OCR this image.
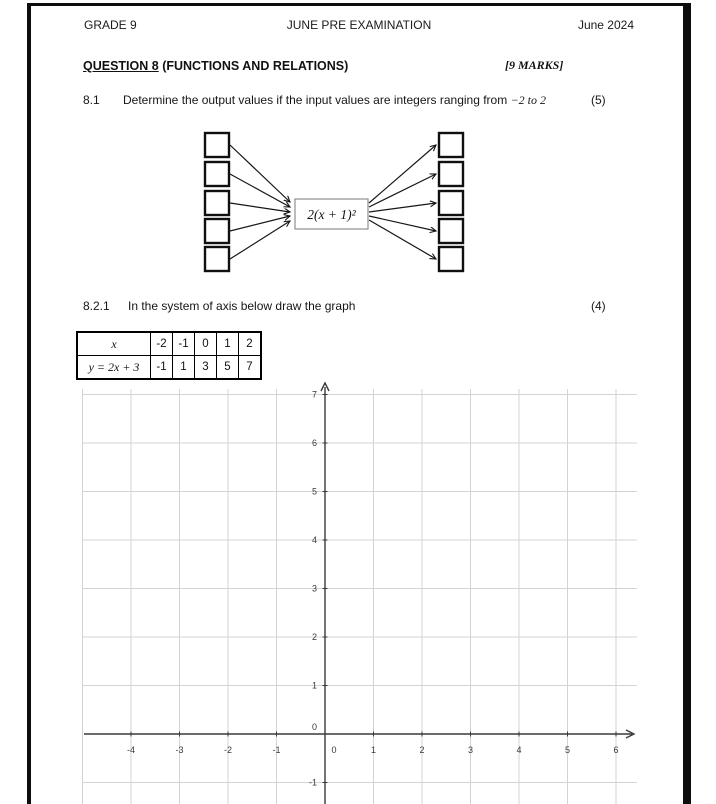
GRADE 9	JUNE PRE EXAMINATION	June 2024
QUESTION 8 (FUNCTIONS AND RELATIONS)	[9 MARKS]
8.1 Determine the output values if the input values are integers ranging from −2 to 2	(5)
2(x + 1)²
8.2.1 In the system of axis below draw the graph	(4)
x	-2	-1	0	1	2
y = 2x + 3	-1	1	3	5	7
-4	-3	-2	-1	0	1	2	3	4	5	6
7
6
5
4
3
2
1
0
-1
